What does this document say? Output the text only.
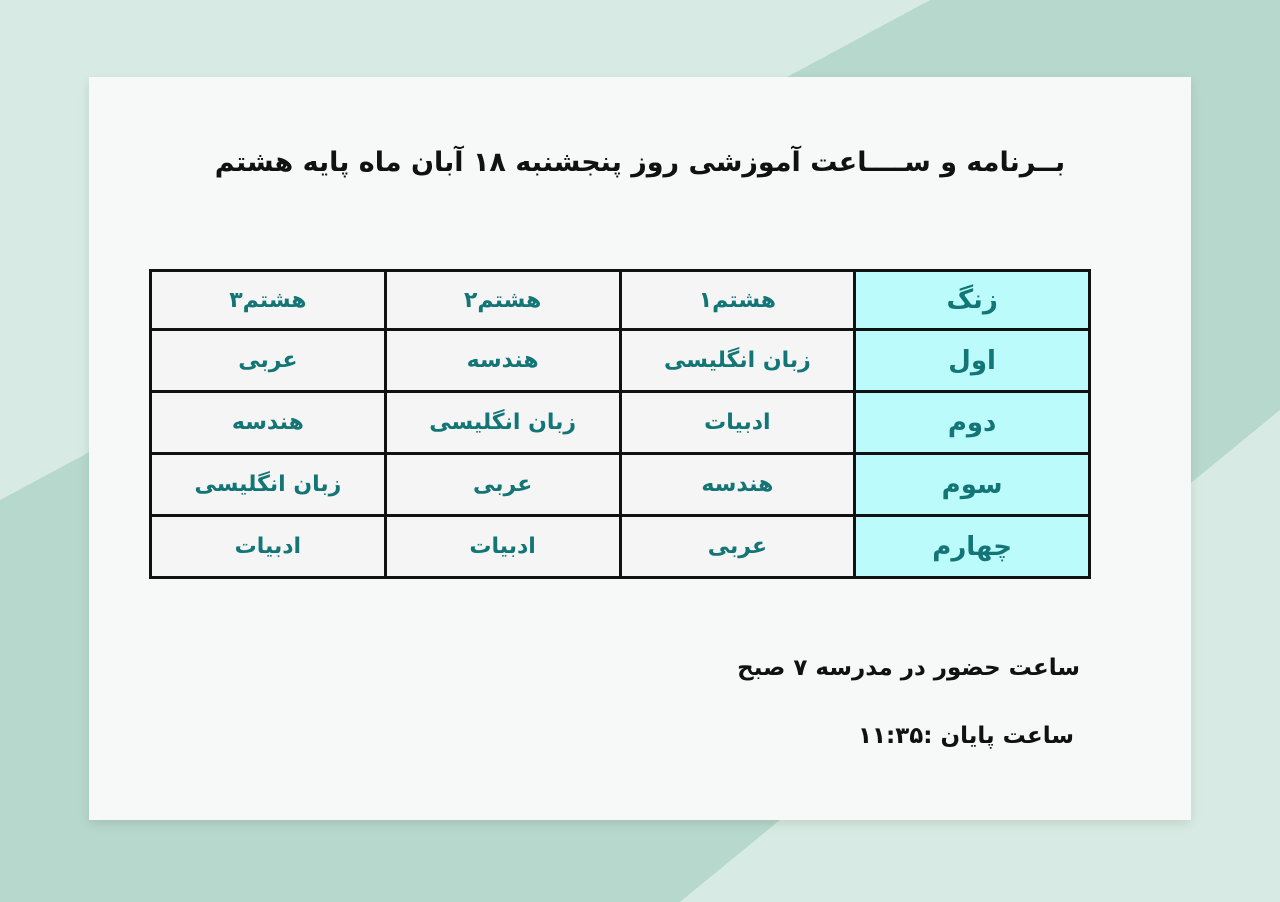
بــرنامه و ســــاعت آموزشی روز پنجشنبه ۱۸ آبان ماه پایه هشتم
زنگ	هشتم۱	هشتم۲	هشتم۳
اول	زبان انگلیسی	هندسه	عربی
دوم	ادبیات	زبان انگلیسی	هندسه
سوم	هندسه	عربی	زبان انگلیسی
چهارم	عربی	ادبیات	ادبیات

ساعت حضور در مدرسه ۷ صبح

ساعت پایان :۱۱:۳۵
